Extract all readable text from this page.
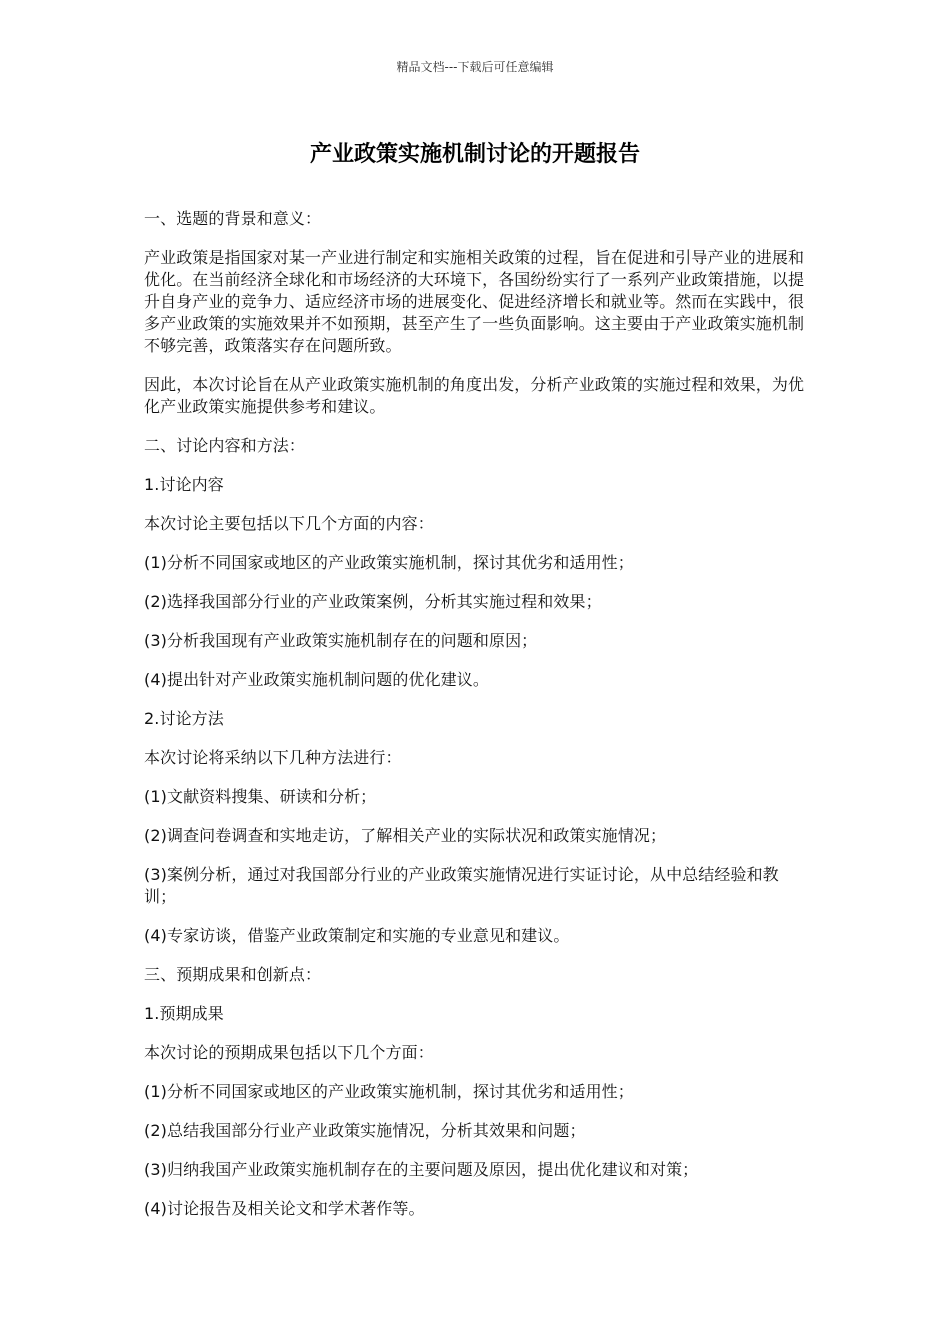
精品文档---下载后可任意编辑
产业政策实施机制讨论的开题报告

一、选题的背景和意义：

产业政策是指国家对某一产业进行制定和实施相关政策的过程，旨在促进和引导产业的进展和优化。在当前经济全球化和市场经济的大环境下，各国纷纷实行了一系列产业政策措施，以提升自身产业的竞争力、适应经济市场的进展变化、促进经济增长和就业等。然而在实践中，很多产业政策的实施效果并不如预期，甚至产生了一些负面影响。这主要由于产业政策实施机制不够完善，政策落实存在问题所致。

因此，本次讨论旨在从产业政策实施机制的角度出发，分析产业政策的实施过程和效果，为优化产业政策实施提供参考和建议。

二、讨论内容和方法：

1.讨论内容

本次讨论主要包括以下几个方面的内容：

(1)分析不同国家或地区的产业政策实施机制，探讨其优劣和适用性；

(2)选择我国部分行业的产业政策案例，分析其实施过程和效果；

(3)分析我国现有产业政策实施机制存在的问题和原因；

(4)提出针对产业政策实施机制问题的优化建议。

2.讨论方法

本次讨论将采纳以下几种方法进行：

(1)文献资料搜集、研读和分析；

(2)调查问卷调查和实地走访，了解相关产业的实际状况和政策实施情况；

(3)案例分析，通过对我国部分行业的产业政策实施情况进行实证讨论，从中总结经验和教训；

(4)专家访谈，借鉴产业政策制定和实施的专业意见和建议。

三、预期成果和创新点：

1.预期成果

本次讨论的预期成果包括以下几个方面：

(1)分析不同国家或地区的产业政策实施机制，探讨其优劣和适用性；

(2)总结我国部分行业产业政策实施情况，分析其效果和问题；

(3)归纳我国产业政策实施机制存在的主要问题及原因，提出优化建议和对策；

(4)讨论报告及相关论文和学术著作等。
